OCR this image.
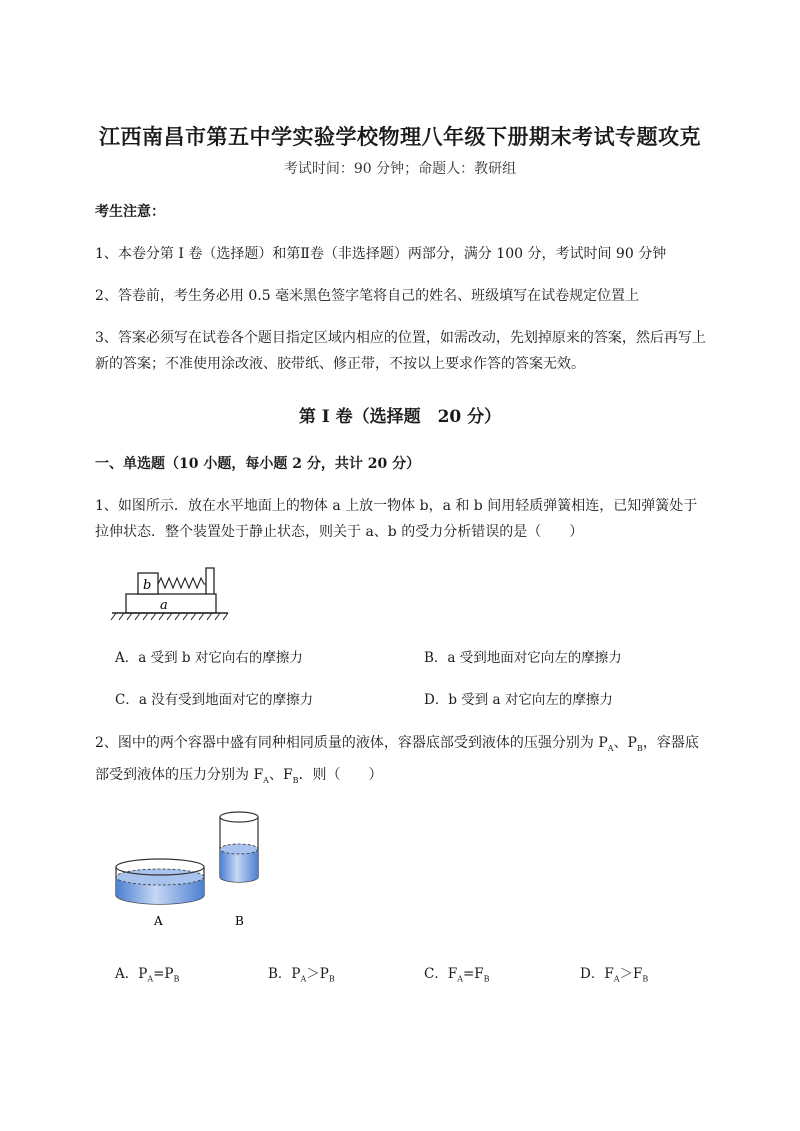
江西南昌市第五中学实验学校物理八年级下册期末考试专题攻克
考试时间：90 分钟；命题人：教研组
考生注意：
1、本卷分第 I 卷（选择题）和第Ⅱ卷（非选择题）两部分，满分 100 分，考试时间 90 分钟
2、答卷前，考生务必用 0.5 毫米黑色签字笔将自己的姓名、班级填写在试卷规定位置上
3、答案必须写在试卷各个题目指定区域内相应的位置，如需改动，先划掉原来的答案，然后再写上新的答案；不准使用涂改液、胶带纸、修正带，不按以上要求作答的答案无效。
第 I 卷（选择题　20 分）
一、单选题（10 小题，每小题 2 分，共计 20 分）
1、如图所示．放在水平地面上的物体 a 上放一物体 b，a 和 b 间用轻质弹簧相连，已知弹簧处于拉伸状态．整个装置处于静止状态，则关于 a、b 的受力分析错误的是（　　）
b
a
A．a 受到 b 对它向右的摩擦力	B．a 受到地面对它向左的摩擦力
C．a 没有受到地面对它的摩擦力	D．b 受到 a 对它向左的摩擦力
2、图中的两个容器中盛有同种相同质量的液体，容器底部受到液体的压强分别为 $P_A$、$P_B$，容器底部受到液体的压力分别为 $F_A$、$F_B$．则（　　）
A	B
A．$P_A=P_B$	B．$P_A>P_B$	C．$F_A=F_B$	D．$F_A>F_B$
